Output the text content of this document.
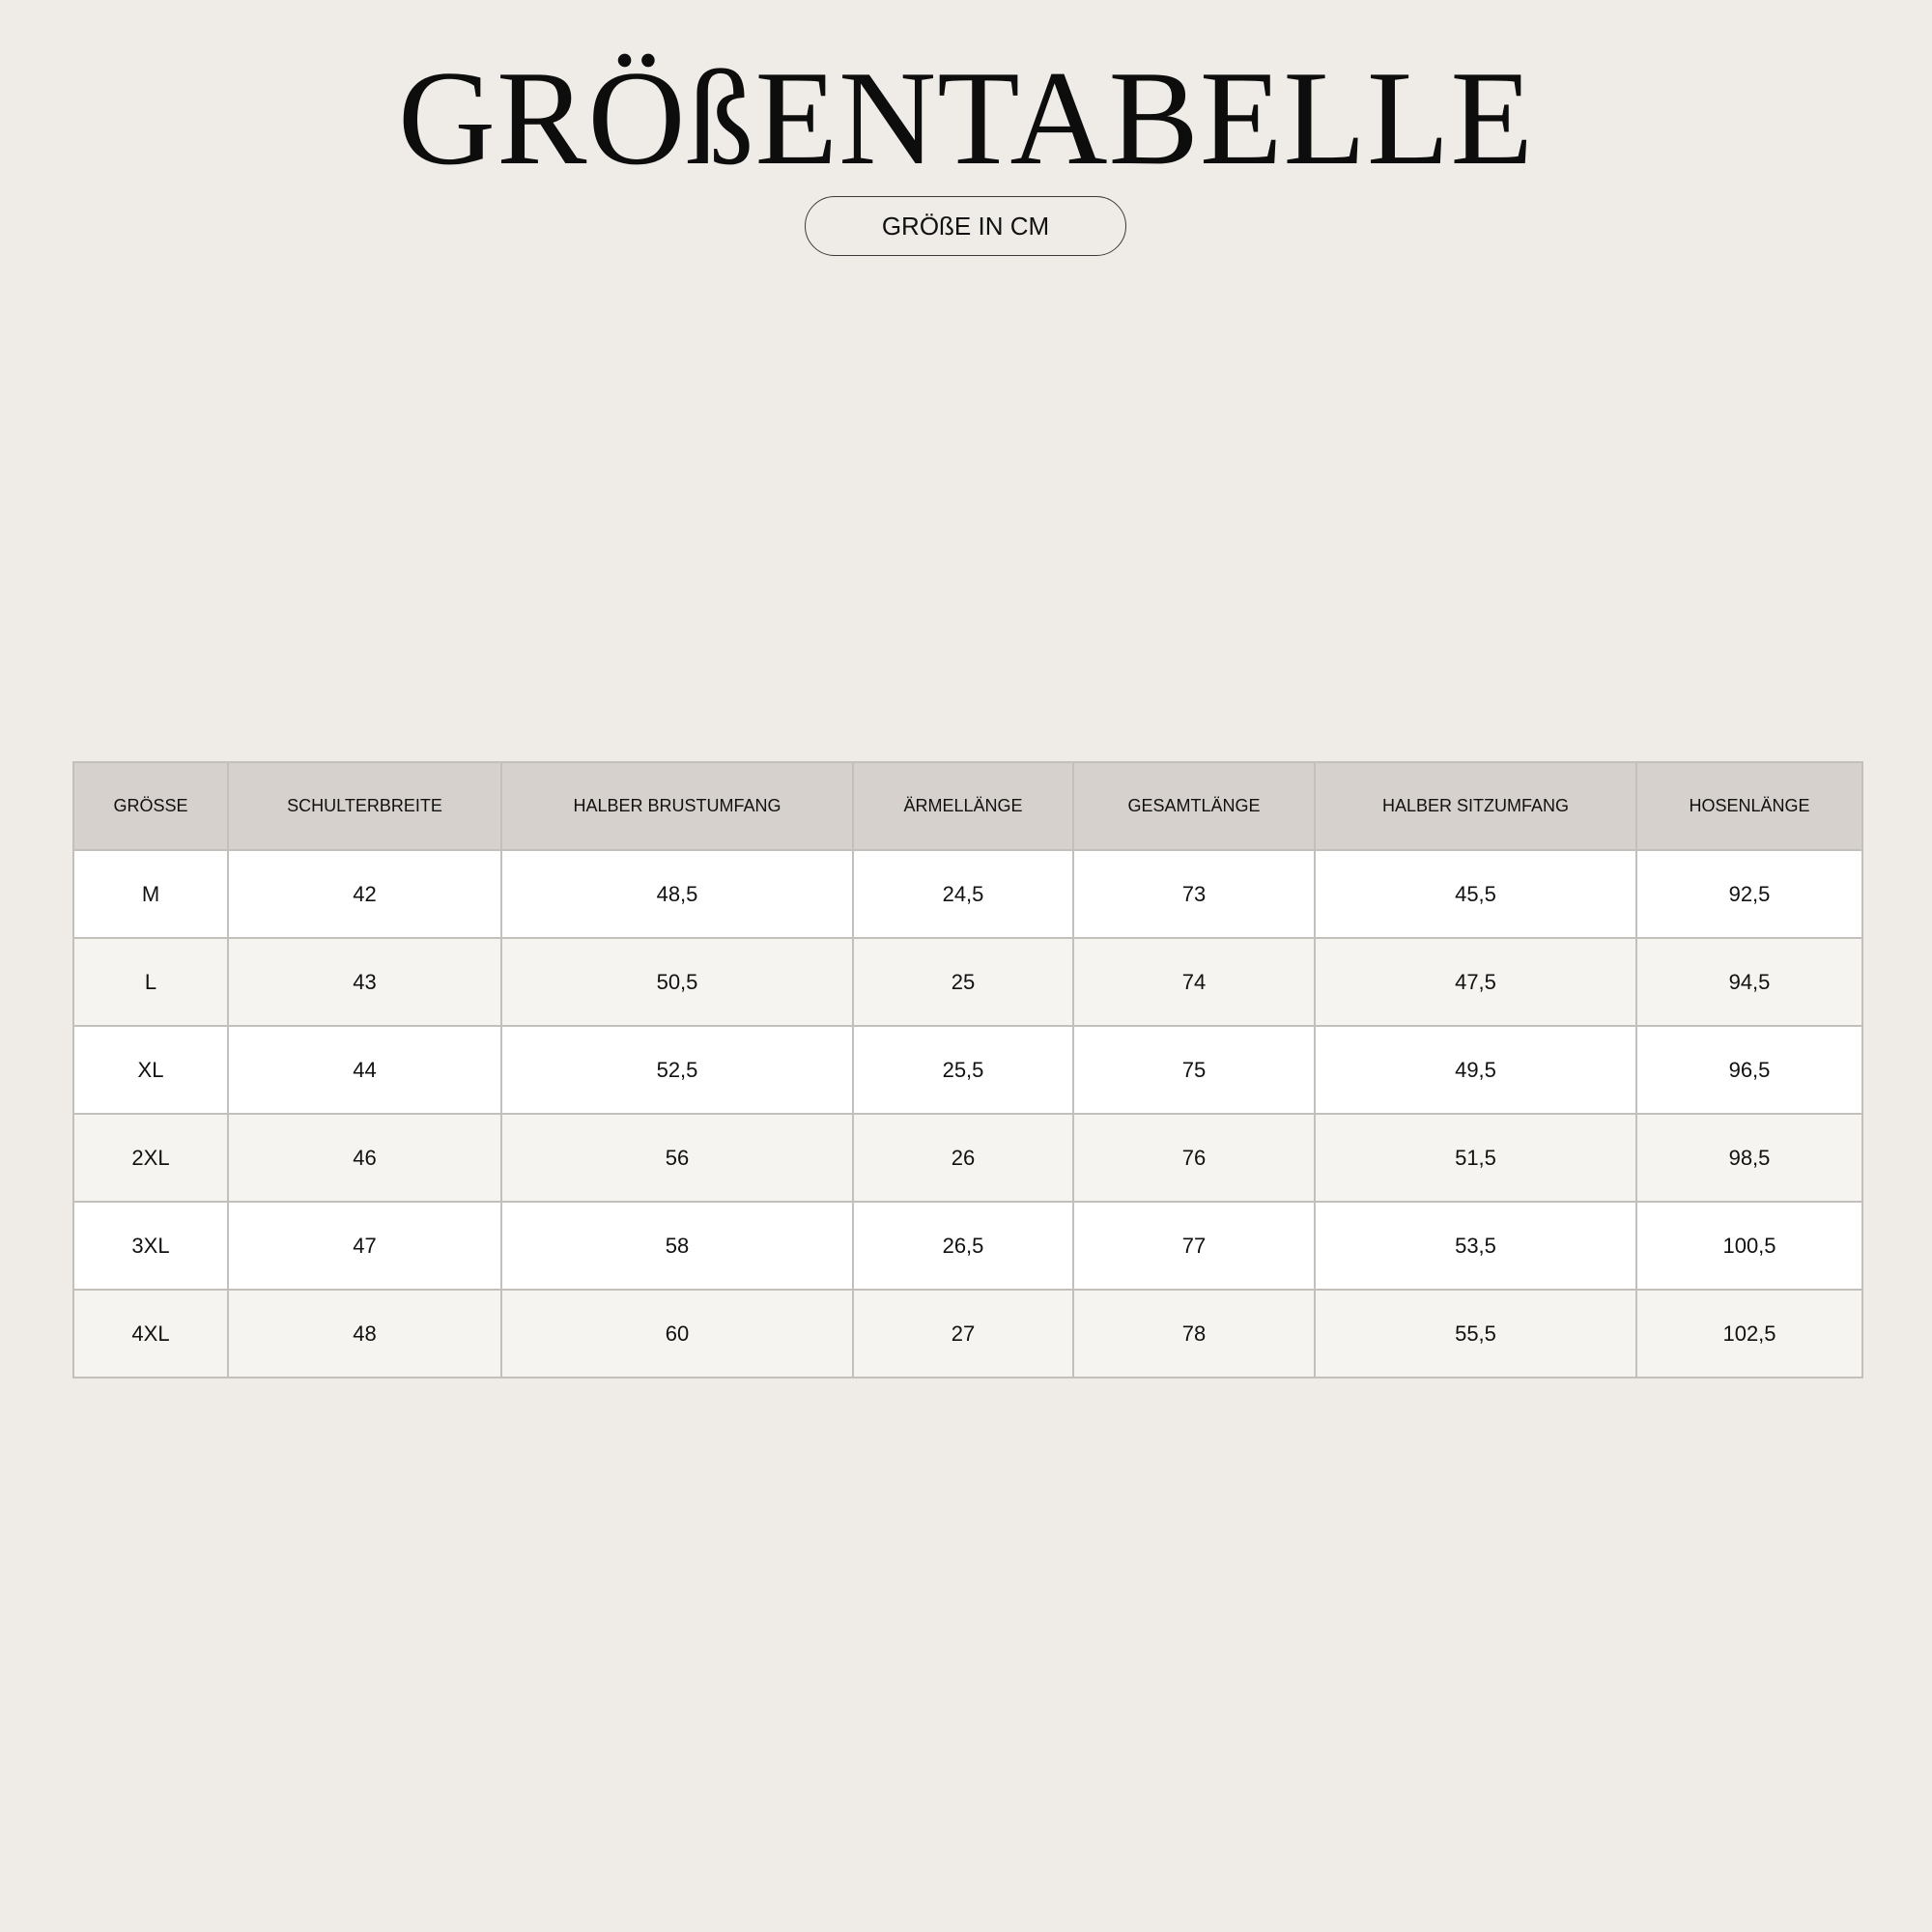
GRÖßENTABELLE
GRÖßE IN CM
GRÖSSE	SCHULTERBREITE	HALBER BRUSTUMFANG	ÄRMELLÄNGE	GESAMTLÄNGE	HALBER SITZUMFANG	HOSENLÄNGE
M	42	48,5	24,5	73	45,5	92,5
L	43	50,5	25	74	47,5	94,5
XL	44	52,5	25,5	75	49,5	96,5
2XL	46	56	26	76	51,5	98,5
3XL	47	58	26,5	77	53,5	100,5
4XL	48	60	27	78	55,5	102,5
